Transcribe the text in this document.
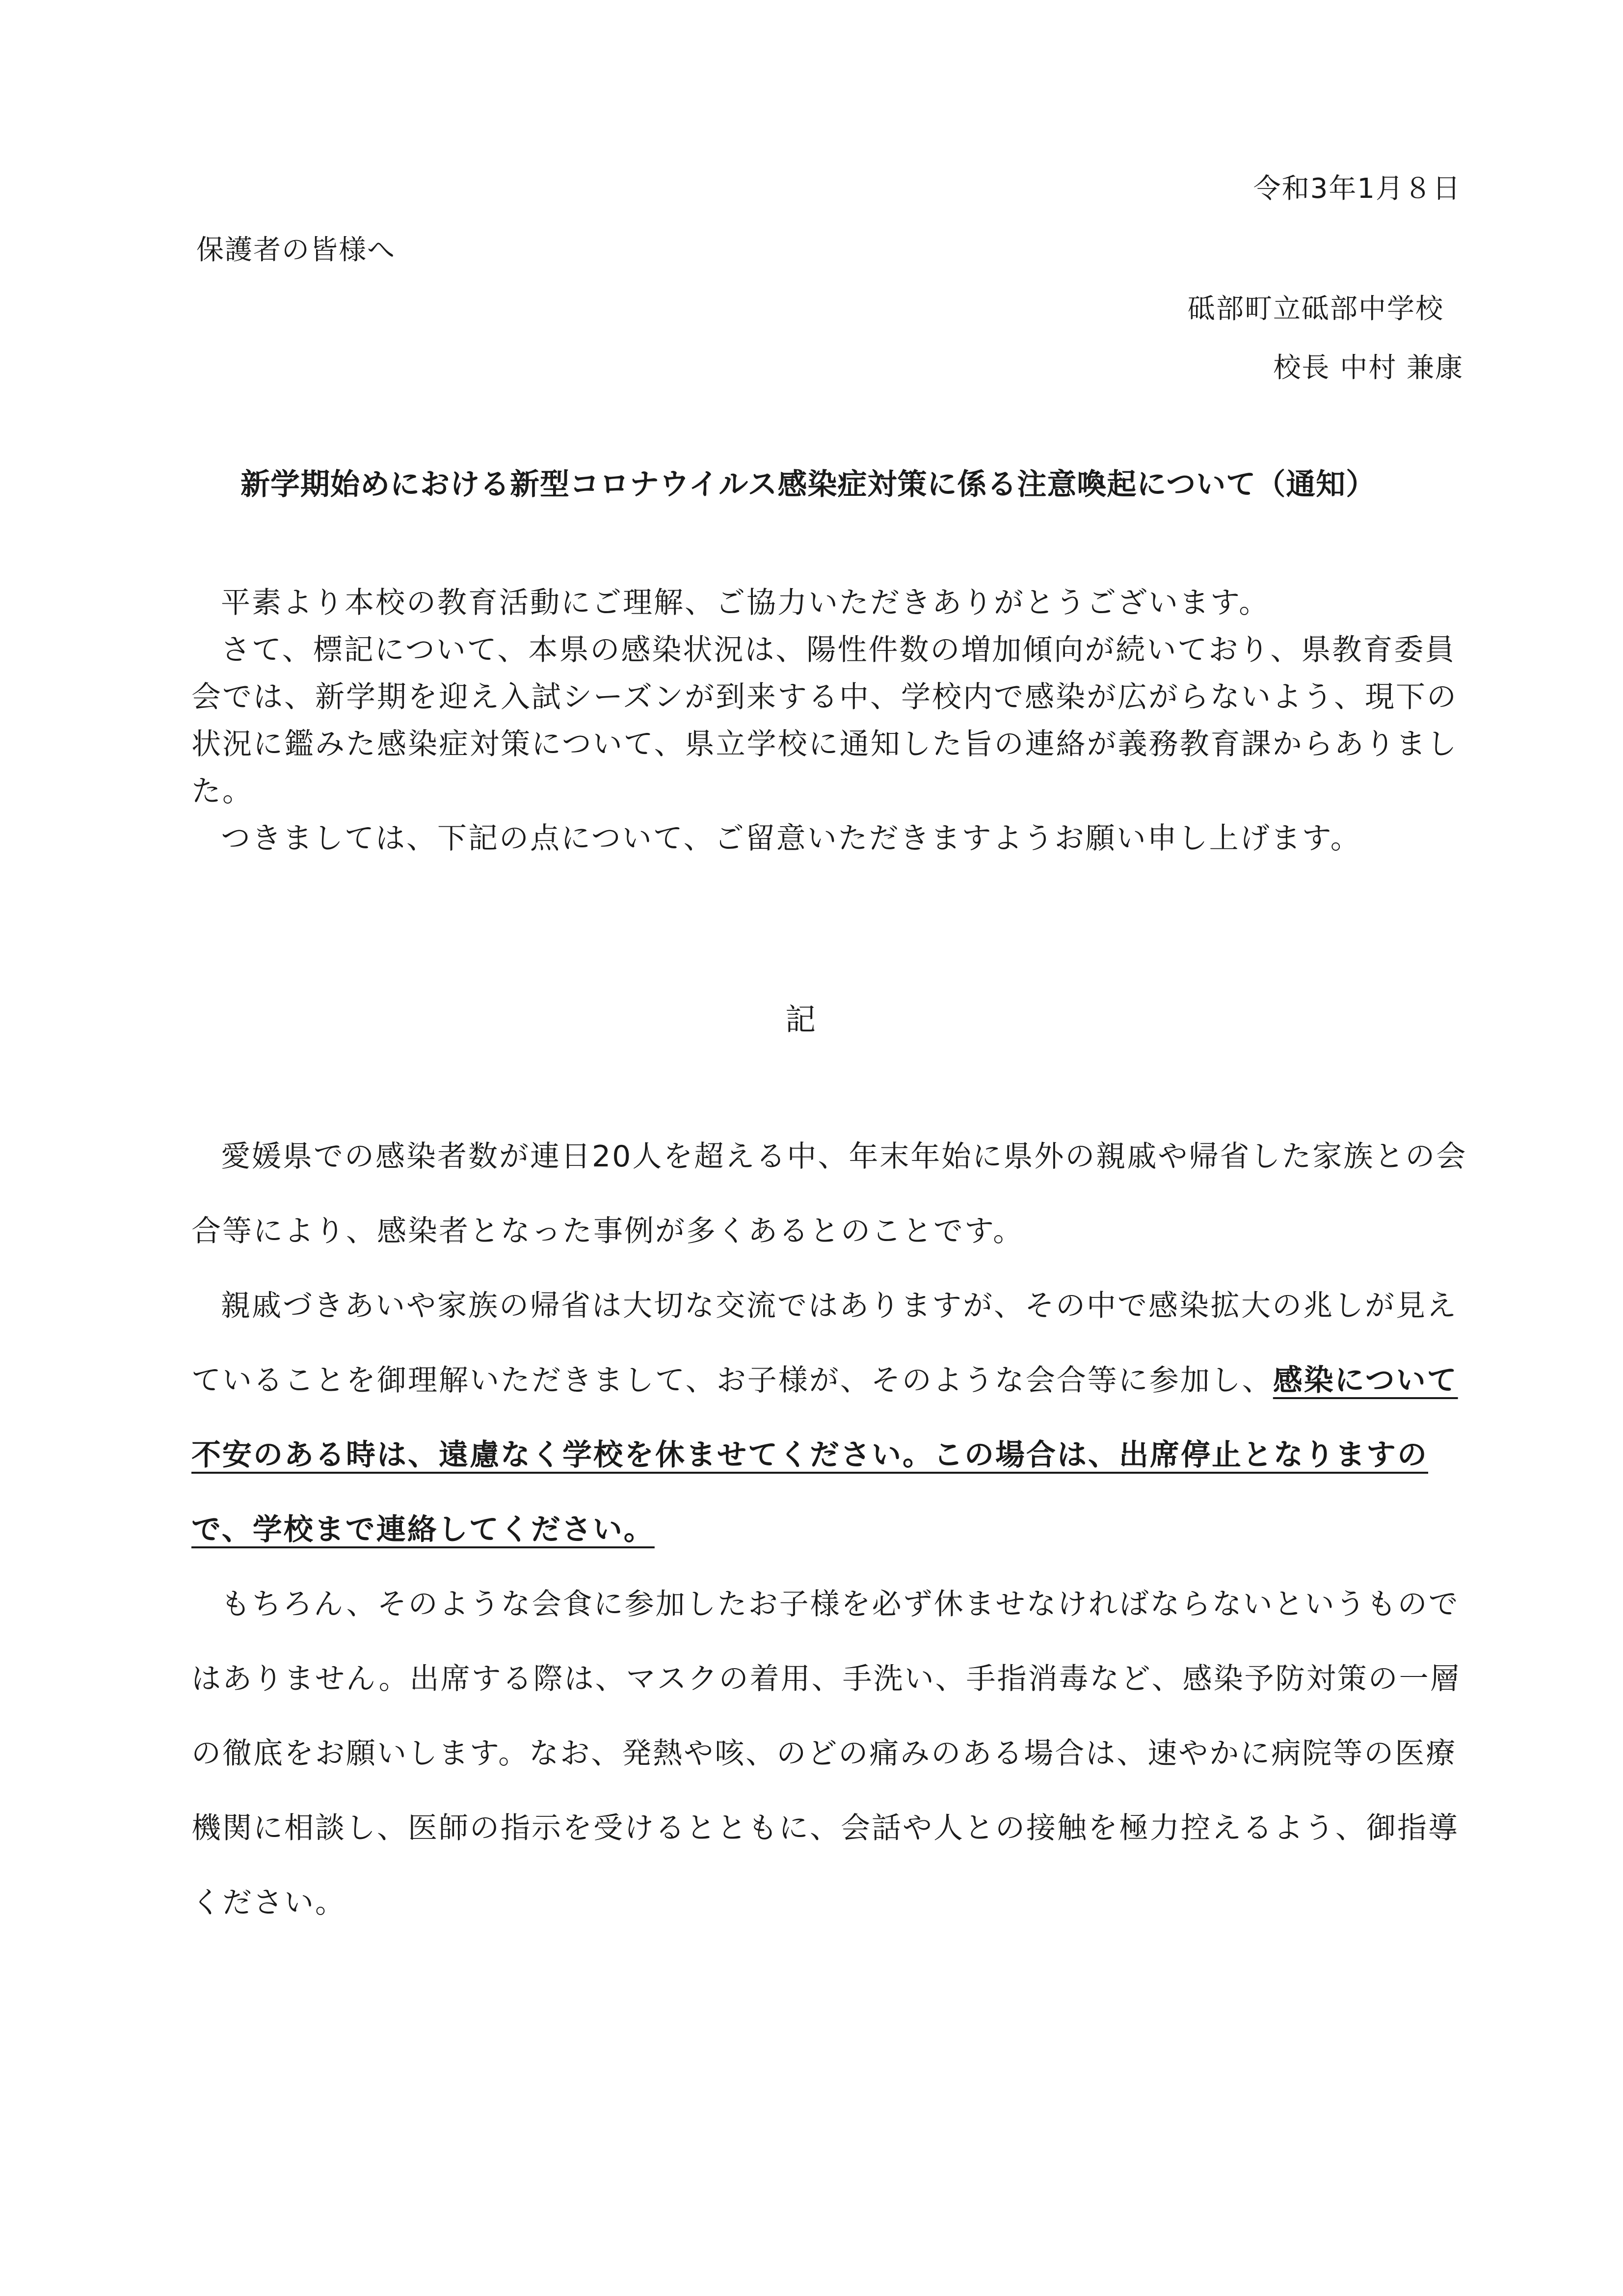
令和3年1月８日
保護者の皆様へ
砥部町立砥部中学校
校長 中村 兼康
新学期始めにおける新型コロナウイルス感染症対策に係る注意喚起について（通知）

平素より本校の教育活動にご理解、ご協力いただきありがとうございます。

さて、標記について、本県の感染状況は、陽性件数の増加傾向が続いており、県教育委員会では、新学期を迎え入試シーズンが到来する中、学校内で感染が広がらないよう、現下の状況に鑑みた感染症対策について、県立学校に通知した旨の連絡が義務教育課からありました。

つきましては、下記の点について、ご留意いただきますようお願い申し上げます。

記

愛媛県での感染者数が連日20人を超える中、年末年始に県外の親戚や帰省した家族との会合等により、感染者となった事例が多くあるとのことです。

親戚づきあいや家族の帰省は大切な交流ではありますが、その中で感染拡大の兆しが見えていることを御理解いただきまして、お子様が、そのような会合等に参加し、感染について不安のある時は、遠慮なく学校を休ませてください。この場合は、出席停止となりますので、学校まで連絡してください。

もちろん、そのような会食に参加したお子様を必ず休ませなければならないというものではありません。出席する際は、マスクの着用、手洗い、手指消毒など、感染予防対策の一層の徹底をお願いします。なお、発熱や咳、のどの痛みのある場合は、速やかに病院等の医療機関に相談し、医師の指示を受けるとともに、会話や人との接触を極力控えるよう、御指導ください。
